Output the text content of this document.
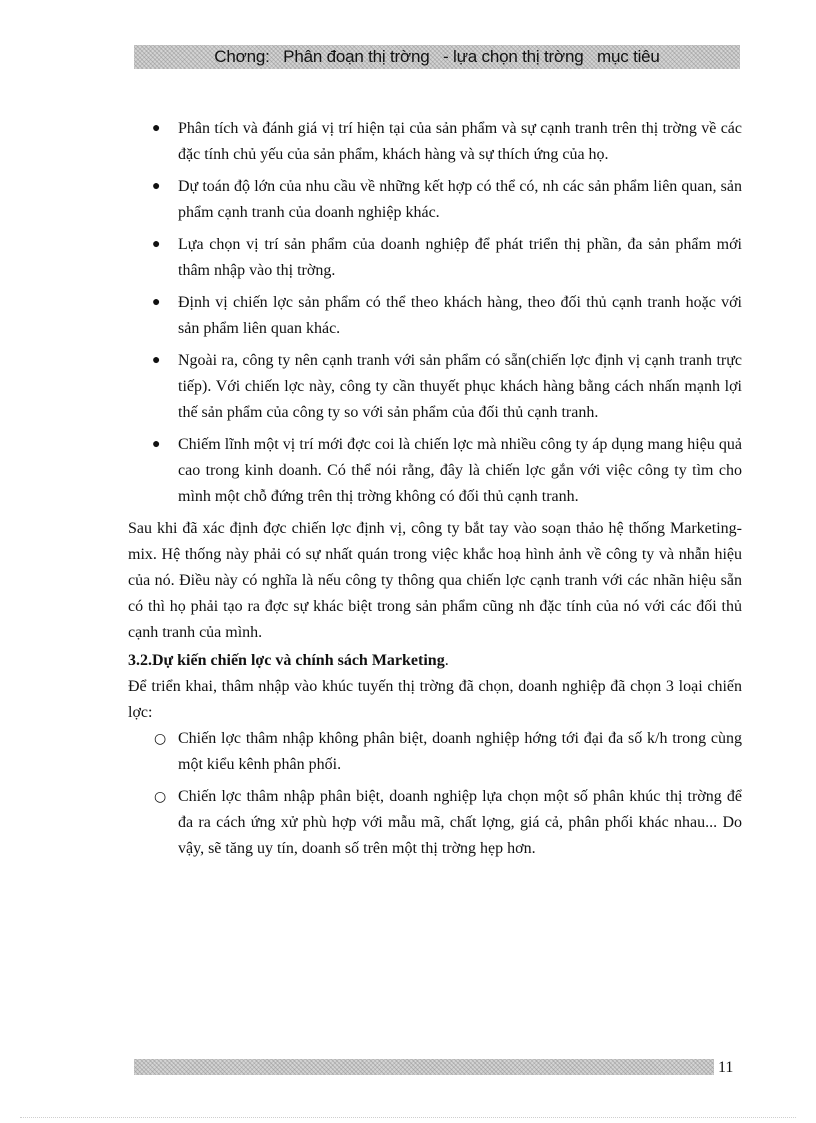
Chơng:   Phân đoạn thị trờng   - lựa chọn thị trờng   mục tiêu
● Phân tích và đánh giá vị trí hiện tại của sản phẩm và sự cạnh tranh trên thị trờng về các đặc tính chủ yếu của sản phẩm, khách hàng và sự thích ứng của họ.
● Dự toán độ lớn của nhu cầu về những kết hợp có thể có, nh các sản phẩm liên quan, sản phẩm cạnh tranh của doanh nghiệp khác.
● Lựa chọn vị trí sản phẩm của doanh nghiệp để phát triển thị phần, đa sản phẩm mới thâm nhập vào thị trờng.
● Định vị chiến lợc sản phẩm có thể theo khách hàng, theo đối thủ cạnh tranh hoặc với sản phẩm liên quan khác.
● Ngoài ra, công ty nên cạnh tranh với sản phẩm có sẵn(chiến lợc định vị cạnh tranh trực tiếp). Với chiến lợc này, công ty cần thuyết phục khách hàng bằng cách nhấn mạnh lợi thế sản phẩm của công ty so với sản phẩm của đối thủ cạnh tranh.
● Chiếm lĩnh một vị trí mới đợc coi là chiến lợc mà nhiều công ty áp dụng mang hiệu quả cao trong kinh doanh. Có thể nói rằng, đây là chiến lợc gắn với việc công ty tìm cho mình một chỗ đứng trên thị trờng không có đối thủ cạnh tranh.

Sau khi đã xác định đợc chiến lợc định vị, công ty bắt tay vào soạn thảo hệ thống Marketing- mix. Hệ thống này phải có sự nhất quán trong việc khắc hoạ hình ảnh về công ty và nhẫn hiệu của nó. Điều này có nghĩa là nếu công ty thông qua chiến lợc cạnh tranh với các nhãn hiệu sẵn có thì họ phải tạo ra đợc sự khác biệt trong sản phẩm cũng nh đặc tính của nó với các đối thủ cạnh tranh của mình.

3.2.Dự kiến chiến lợc và chính sách Marketing.

Để triển khai, thâm nhập vào khúc tuyến thị trờng đã chọn, doanh nghiệp đã chọn 3 loại chiến lợc:

○ Chiến lợc thâm nhập không phân biệt, doanh nghiệp hớng tới đại đa số k/h trong cùng một kiểu kênh phân phối.
○ Chiến lợc thâm nhập phân biệt, doanh nghiệp lựa chọn một số phân khúc thị trờng để đa ra cách ứng xử phù hợp với mẫu mã, chất lợng, giá cả, phân phối khác nhau... Do vậy, sẽ tăng uy tín, doanh số trên một thị trờng hẹp hơn.
11
